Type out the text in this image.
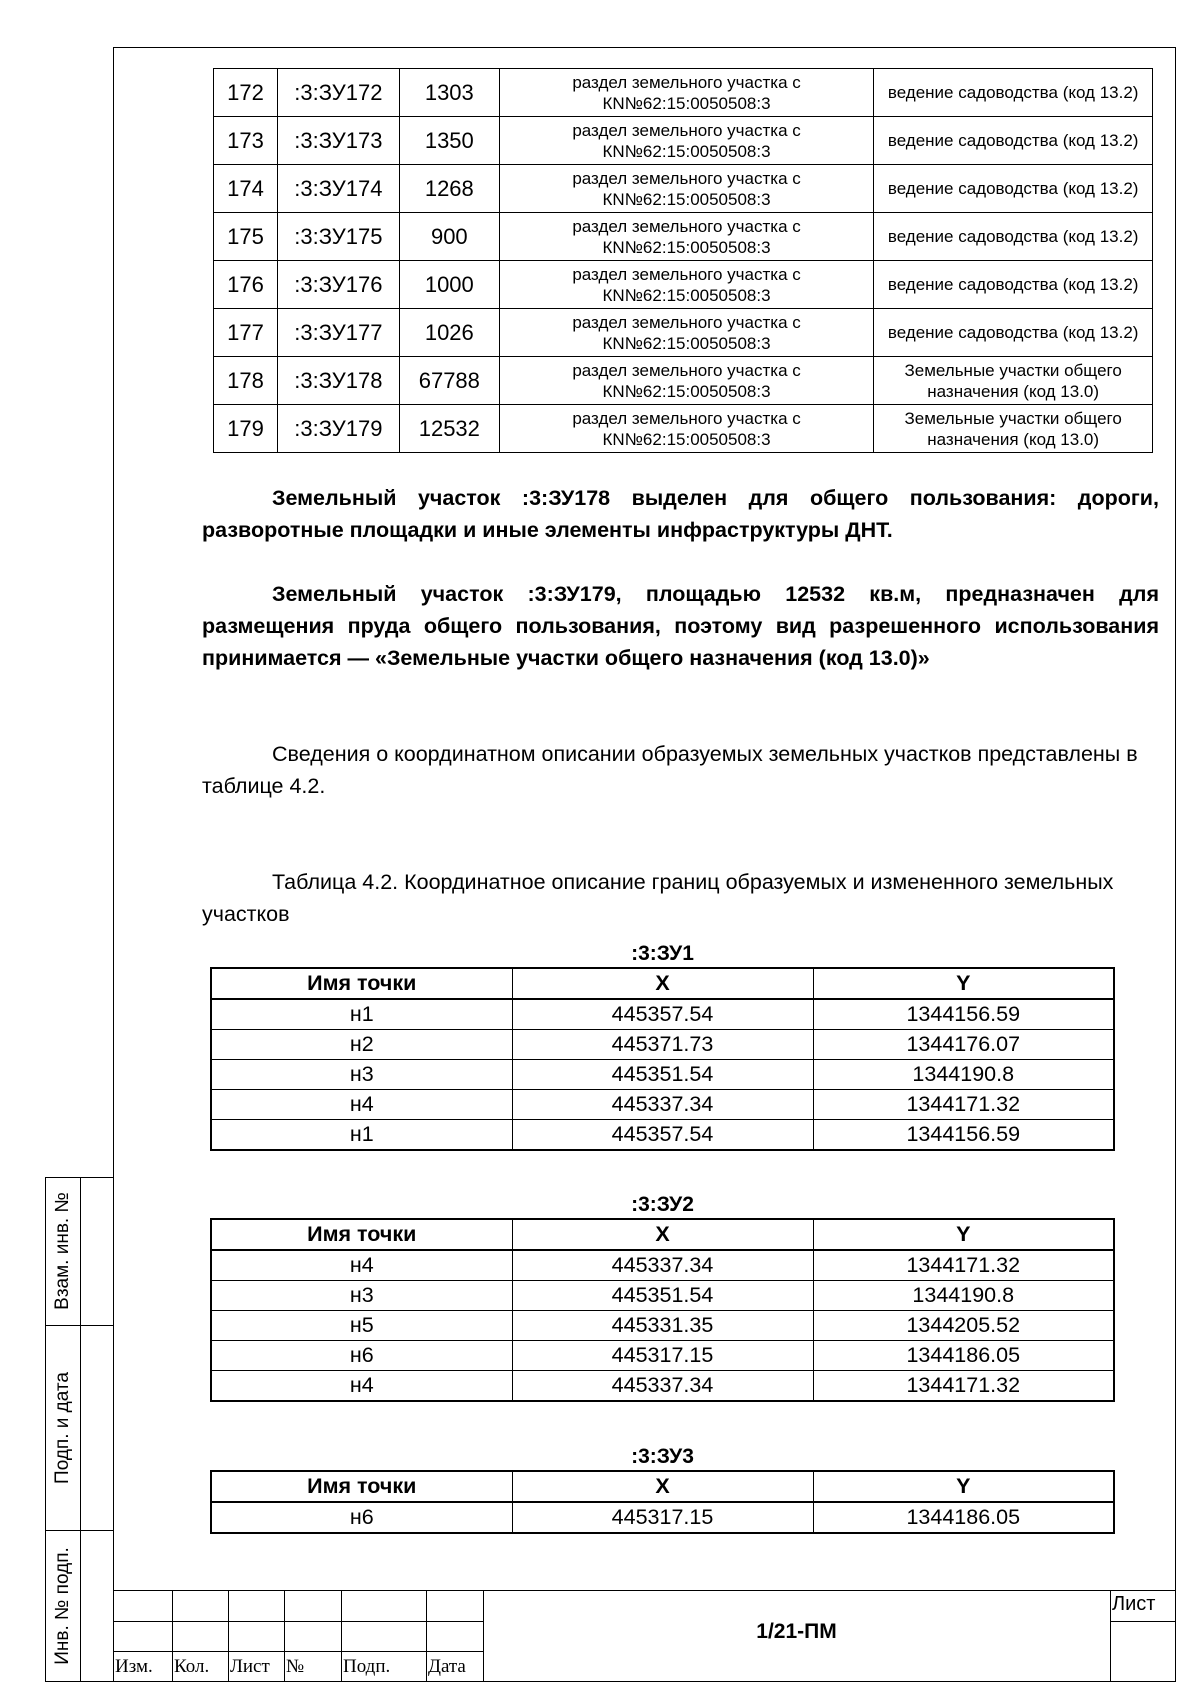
172	:3:ЗУ172	1303	раздел земельного участка с КN№62:15:0050508:3	ведение садоводства (код 13.2)
173	:3:ЗУ173	1350	раздел земельного участка с КN№62:15:0050508:3	ведение садоводства (код 13.2)
174	:3:ЗУ174	1268	раздел земельного участка с КN№62:15:0050508:3	ведение садоводства (код 13.2)
175	:3:ЗУ175	900	раздел земельного участка с КN№62:15:0050508:3	ведение садоводства (код 13.2)
176	:3:ЗУ176	1000	раздел земельного участка с КN№62:15:0050508:3	ведение садоводства (код 13.2)
177	:3:ЗУ177	1026	раздел земельного участка с КN№62:15:0050508:3	ведение садоводства (код 13.2)
178	:3:ЗУ178	67788	раздел земельного участка с КN№62:15:0050508:3	Земельные участки общего назначения (код 13.0)
179	:3:ЗУ179	12532	раздел земельного участка с КN№62:15:0050508:3	Земельные участки общего назначения (код 13.0)

Земельный участок :3:ЗУ178 выделен для общего пользования: дороги, разворотные площадки и иные элементы инфраструктуры ДНТ.

Земельный участок :3:ЗУ179, площадью 12532 кв.м, предназначен для размещения пруда общего пользования, поэтому вид разрешенного использования принимается — «Земельные участки общего назначения (код 13.0)»

Сведения о координатном описании образуемых земельных участков представлены в таблице 4.2.

Таблица 4.2. Координатное описание границ образуемых и измененного земельных участков

:3:ЗУ1
Имя точки	X	Y
н1	445357.54	1344156.59
н2	445371.73	1344176.07
н3	445351.54	1344190.8
н4	445337.34	1344171.32
н1	445357.54	1344156.59
:3:ЗУ2
Имя точки	X	Y
н4	445337.34	1344171.32
н3	445351.54	1344190.8
н5	445331.35	1344205.52
н6	445317.15	1344186.05
н4	445337.34	1344171.32
:3:ЗУ3
Имя точки	X	Y
н6	445317.15	1344186.05
Взам. инв. №
Подп. и дата
Инв. № подп.
Изм. Кол. Лист № Подп. Дата
1/21-ПМ
Лист
